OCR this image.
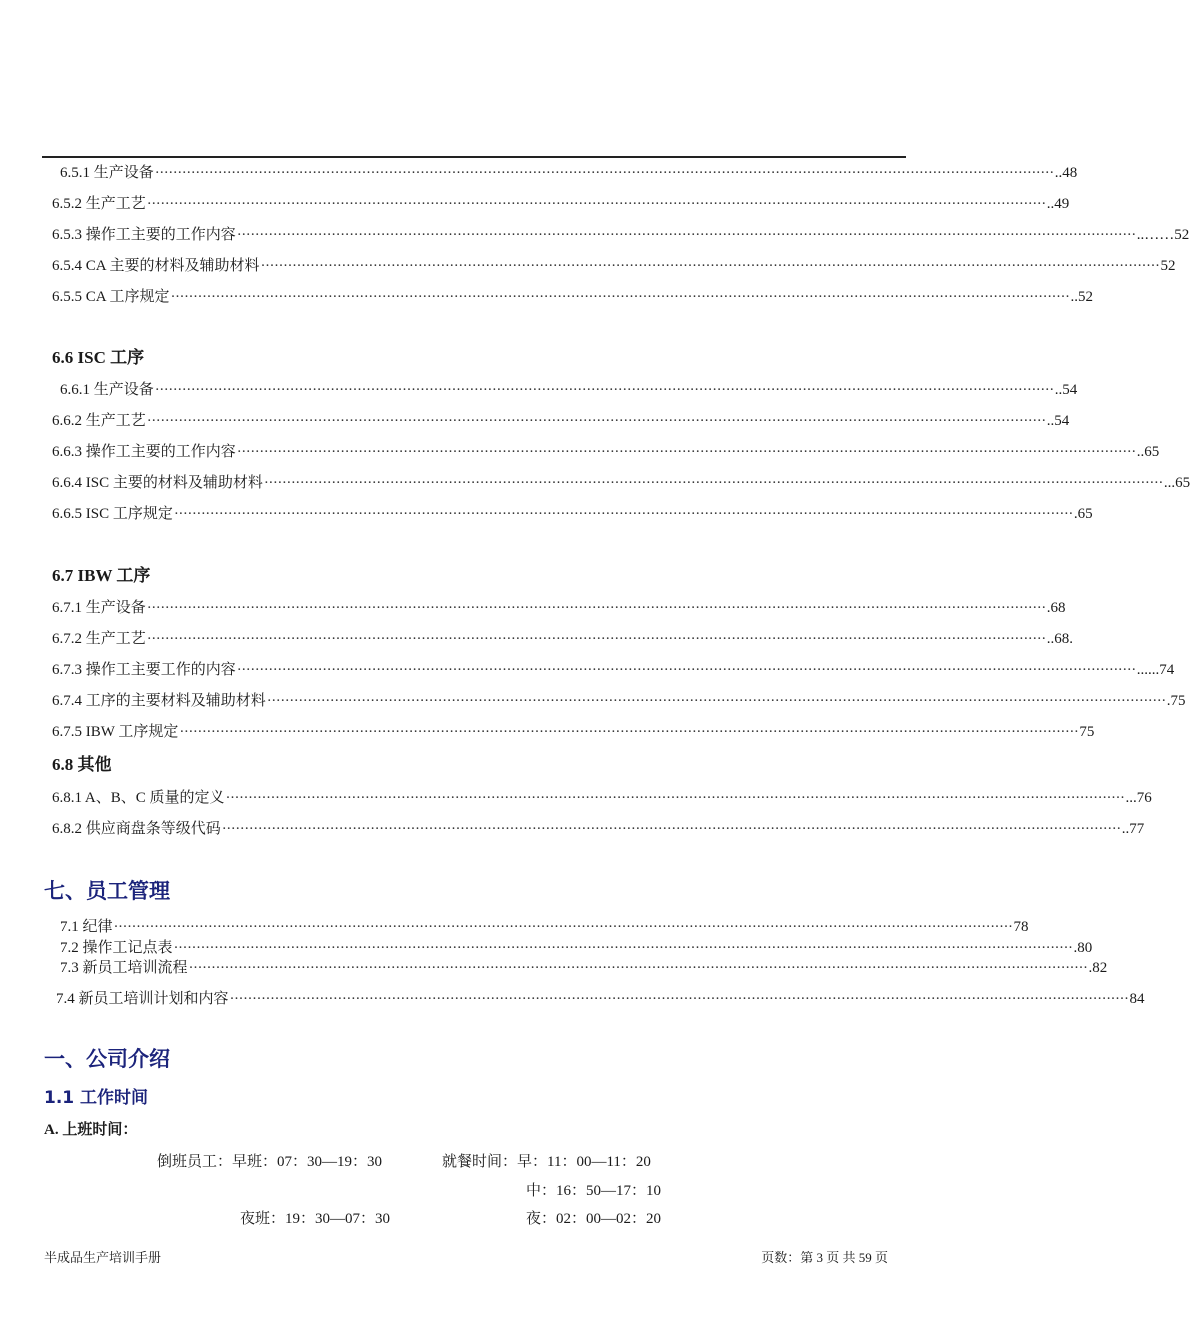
6.5.1 生产设备 ········································································································································································································ ..48
6.5.2 生产工艺 ········································································································································································································ ..49
6.5.3 操作工主要的工作内容 ········································································································································································································ ..……52
6.5.4 CA 主要的材料及辅助材料 ········································································································································································································ 52
6.5.5 CA 工序规定 ········································································································································································································ ..52
6.6 ISC 工序
6.6.1 生产设备 ········································································································································································································ ..54
6.6.2 生产工艺 ········································································································································································································ ..54
6.6.3 操作工主要的工作内容 ········································································································································································································ ..65
6.6.4 ISC 主要的材料及辅助材料 ········································································································································································································ ...65
6.6.5 ISC 工序规定 ········································································································································································································ .65
6.7 IBW 工序
6.7.1 生产设备 ········································································································································································································ .68
6.7.2 生产工艺 ········································································································································································································ ..68.
6.7.3 操作工主要工作的内容 ········································································································································································································ ......74
6.7.4 工序的主要材料及辅助材料 ········································································································································································································ .75
6.7.5 IBW 工序规定 ········································································································································································································ 75
6.8 其他
6.8.1 A、B、C 质量的定义 ········································································································································································································ ...76
6.8.2 供应商盘条等级代码 ········································································································································································································ ..77
七、员工管理
7.1 纪律 ········································································································································································································ 78
7.2 操作工记点表 ········································································································································································································ .80
7.3 新员工培训流程 ········································································································································································································ .82
7.4 新员工培训计划和内容 ········································································································································································································ 84
一、公司介绍
1.1 工作时间
A. 上班时间：
倒班员工：早班：07：30—19：30	就餐时间：早：11：00—11：20
中：16：50—17：10
夜班：19：30—07：30	夜：02：00—02：20
半成品生产培训手册	页数：第 3 页 共 59 页
